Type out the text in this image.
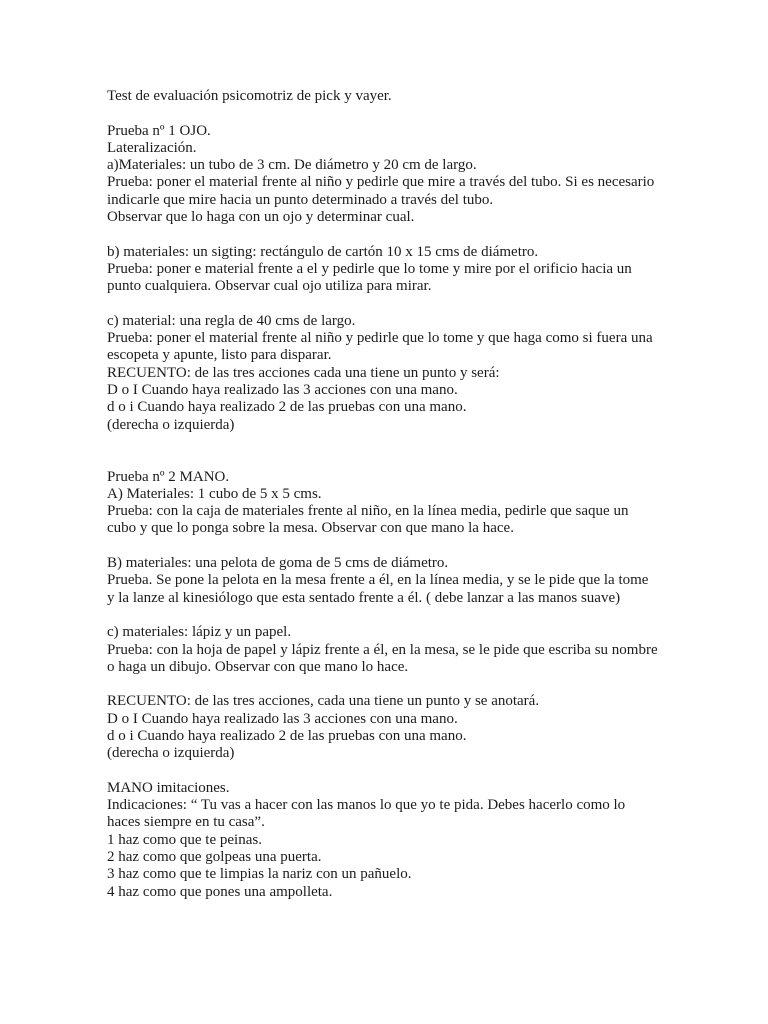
Test de evaluación psicomotriz de pick y vayer.
Prueba nº 1 OJO.
Lateralización.
a)Materiales: un tubo de 3 cm. De diámetro y 20 cm de largo.
Prueba: poner el material frente al niño y pedirle que mire a través del tubo. Si es necesario
indicarle que mire hacia un punto determinado a través del tubo.
Observar que lo haga con un ojo y determinar cual.
b) materiales: un sigting: rectángulo de cartón 10 x 15 cms de diámetro.
Prueba: poner e material frente a el y pedirle que lo tome y mire por el orificio hacia un
punto cualquiera. Observar cual ojo utiliza para mirar.
c) material: una regla de 40 cms de largo.
Prueba: poner el material frente al niño y pedirle que lo tome y que haga como si fuera una
escopeta y apunte, listo para disparar.
RECUENTO: de las tres acciones cada una tiene un punto y será:
D o I Cuando haya realizado las 3 acciones con una mano.
d o i Cuando haya realizado 2 de las pruebas con una mano.
(derecha o izquierda)
Prueba nº 2 MANO.
A) Materiales: 1 cubo de 5 x 5 cms.
Prueba: con la caja de materiales frente al niño, en la línea media, pedirle que saque un
cubo y que lo ponga sobre la mesa. Observar con que mano la hace.
B) materiales: una pelota de goma de 5 cms de diámetro.
Prueba. Se pone la pelota en la mesa frente a él, en la línea media, y se le pide que la tome
y la lanze al kinesiólogo que esta sentado frente a él. ( debe lanzar a las manos suave)
c) materiales: lápiz y un papel.
Prueba: con la hoja de papel y lápiz frente a él, en la mesa, se le pide que escriba su nombre
o haga un dibujo. Observar con que mano lo hace.
RECUENTO: de las tres acciones, cada una tiene un punto y se anotará.
D o I Cuando haya realizado las 3 acciones con una mano.
d o i Cuando haya realizado 2 de las pruebas con una mano.
(derecha o izquierda)
MANO imitaciones.
Indicaciones: “ Tu vas a hacer con las manos lo que yo te pida. Debes hacerlo como lo
haces siempre en tu casa”.
1 haz como que te peinas.
2 haz como que golpeas una puerta.
3 haz como que te limpias la nariz con un pañuelo.
4 haz como que pones una ampolleta.
